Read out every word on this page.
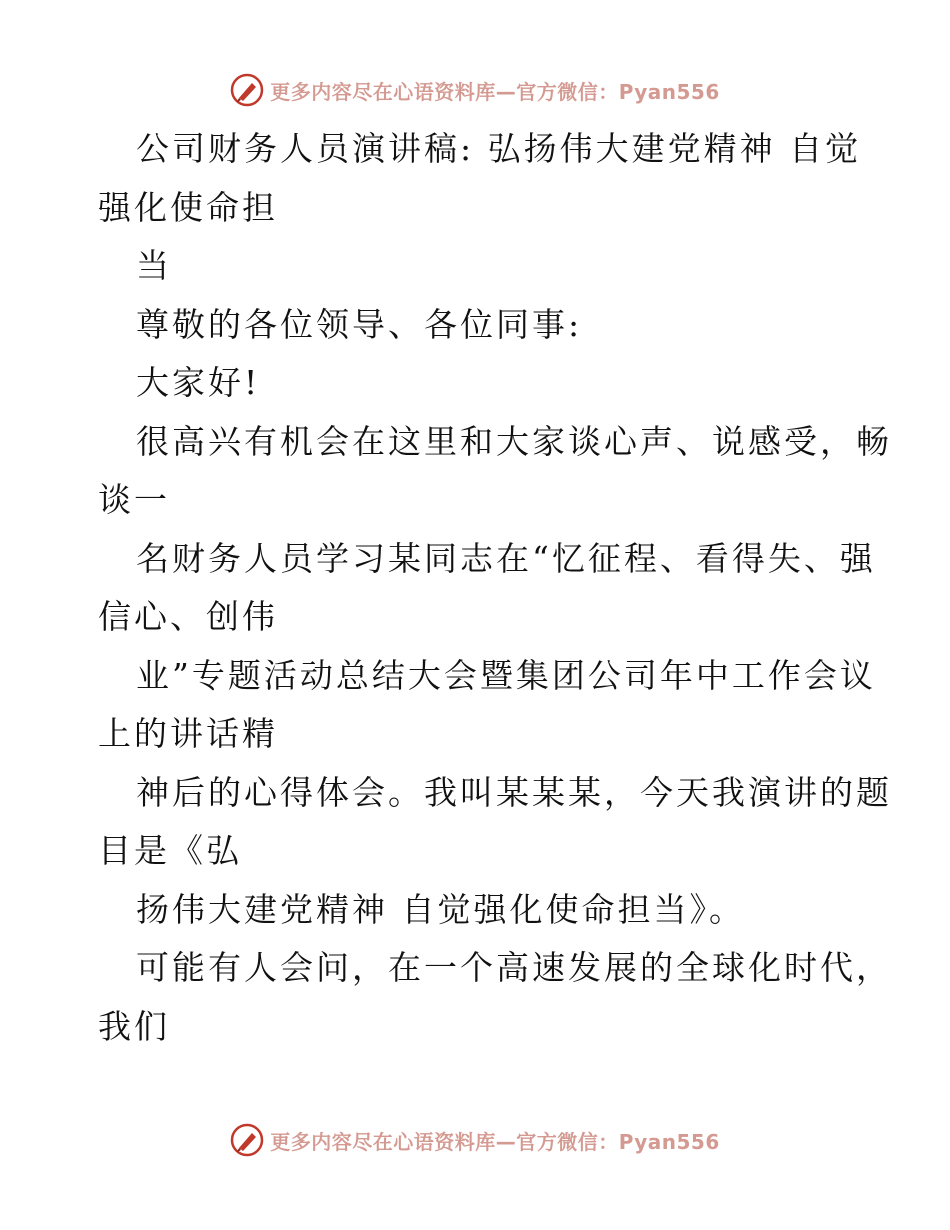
更多内容尽在心语资料库—官方微信：Pyan556
公司财务人员演讲稿: 弘扬伟大建党精神 自觉
强化使命担
当
尊敬的各位领导、各位同事:
大家好!
很高兴有机会在这里和大家谈心声、说感受，畅
谈一
名财务人员学习某同志在“忆征程、看得失、强
信心、创伟
业”专题活动总结大会暨集团公司年中工作会议
上的讲话精
神后的心得体会。我叫某某某，今天我演讲的题
目是《弘
扬伟大建党精神 自觉强化使命担当》。
可能有人会问，在一个高速发展的全球化时代，
我们
更多内容尽在心语资料库—官方微信：Pyan556
